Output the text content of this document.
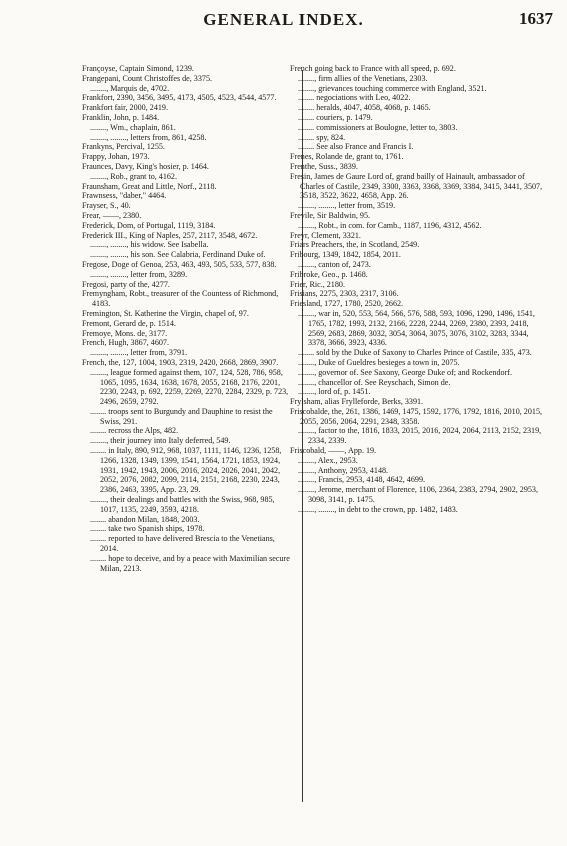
GENERAL INDEX.	1637

Françoyse, Captain Simond, 1239.

Frangepani, Count Christoffes de, 3375.

........, Marquis de, 4702.

Frankfort, 2390, 3456, 3495, 4173, 4505, 4523, 4544, 4577.

Frankfort fair, 2000, 2419.

Franklin, John, p. 1484.

........, Wm., chaplain, 861.

........, ........, letters from, 861, 4258.

Frankyns, Percival, 1255.

Frappy, Johan, 1973.

Fraunces, Davy, King's hosier, p. 1464.

........, Rob., grant to, 4162.

Fraunsham, Great and Little, Norf., 2118.

Frawnsess, "daber," 4464.

Frayser, S., 40.

Frear, ——, 2380.

Frederick, Dom, of Portugal, 1119, 3184.

Frederick III., King of Naples, 257, 2117, 3548, 4672.

........, ........, his widow. See Isabella.

........, ........, his son. See Calabria, Ferdinand Duke of.

Fregose, Doge of Genoa, 253, 463, 493, 505, 533, 577, 838.

........, ........, letter from, 3289.

Fregosi, party of the, 4277.

Fremyngham, Robt., treasurer of the Countess of Richmond, 4183.

Fremington, St. Katherine the Virgin, chapel of, 97.

Fremont, Gerard de, p. 1514.

Fremoye, Mons. de, 3177.

French, Hugh, 3867, 4607.

........, ........, letter from, 3791.

French, the, 127, 1004, 1903, 2319, 2420, 2668, 2869, 3907.

........, league formed against them, 107, 124, 528, 786, 958, 1065, 1095, 1634, 1638, 1678, 2055, 2168, 2176, 2201, 2230, 2243, p. 692, 2259, 2269, 2270, 2284, 2329, p. 723, 2496, 2659, 2792.

........ troops sent to Burgundy and Dauphine to resist the Swiss, 291.

........ recross the Alps, 482.

........, their journey into Italy deferred, 549.

........ in Italy, 890, 912, 968, 1037, 1111, 1146, 1236, 1258, 1266, 1328, 1349, 1399, 1541, 1564, 1721, 1853, 1924, 1931, 1942, 1943, 2006, 2016, 2024, 2026, 2041, 2042, 2052, 2076, 2082, 2099, 2114, 2151, 2168, 2230, 2243, 2386, 2463, 3395, App. 23, 29.

........, their dealings and battles with the Swiss, 968, 985, 1017, 1135, 2249, 3593, 4218.

........ abandon Milan, 1848, 2003.

........ take two Spanish ships, 1978.

........ reported to have delivered Brescia to the Venetians, 2014.

........ hope to deceive, and by a peace with Maximilian secure Milan, 2213.

French going back to France with all speed, p. 692.

........, firm allies of the Venetians, 2303.

........, grievances touching commerce with England, 3521.

........ negociations with Leo, 4022.

........ heralds, 4047, 4058, 4068, p. 1465.

........ couriers, p. 1479.

........ commissioners at Boulogne, letter to, 3803.

........ spy, 824.

........ See also France and Francis I.

Frenes, Rolande de, grant to, 1761.

Frenthe, Suss., 3839.

Fresin, James de Gaure Lord of, grand bailly of Hainault, ambassador of Charles of Castile, 2349, 3300, 3363, 3368, 3369, 3384, 3415, 3441, 3507, 3518, 3522, 3622, 4658, App. 26.

........, ........, letter from, 3519.

Frevile, Sir Baldwin, 95.

........, Robt., in com. for Camb., 1187, 1196, 4312, 4562.

Freyr, Clement, 3321.

Friars Preachers, the, in Scotland, 2549.

Fribourg, 1349, 1842, 1854, 2011.

........, canton of, 2473.

Fribroke, Geo., p. 1468.

Frier, Ric., 2180.

Frisians, 2275, 2303, 2317, 3106.

Friesland, 1727, 1780, 2520, 2662.

........, war in, 520, 553, 564, 566, 576, 588, 593, 1096, 1290, 1496, 1541, 1765, 1782, 1993, 2132, 2166, 2228, 2244, 2269, 2380, 2393, 2418, 2569, 2683, 2869, 3032, 3054, 3064, 3075, 3076, 3102, 3283, 3344, 3378, 3666, 3923, 4336.

........ sold by the Duke of Saxony to Charles Prince of Castile, 335, 473.

........, Duke of Gueldres besieges a town in, 2075.

........, governor of. See Saxony, George Duke of; and Rockendorf.

........, chancellor of. See Reyschach, Simon de.

........, lord of, p. 1451.

Frylsham, alias Frylleforde, Berks, 3391.

Friscobalde, the, 261, 1386, 1469, 1475, 1592, 1776, 1792, 1816, 2010, 2015, 2055, 2056, 2064, 2291, 2348, 3358.

........, factor to the, 1816, 1833, 2015, 2016, 2024, 2064, 2113, 2152, 2319, 2334, 2339.

Friscobald, ——, App. 19.

........, Alex., 2953.

........, Anthony, 2953, 4148.

........, Francis, 2953, 4148, 4642, 4699.

........, Jerome, merchant of Florence, 1106, 2364, 2383, 2794, 2902, 2953, 3098, 3141, p. 1475.

........, ........, in debt to the crown, pp. 1482, 1483.
